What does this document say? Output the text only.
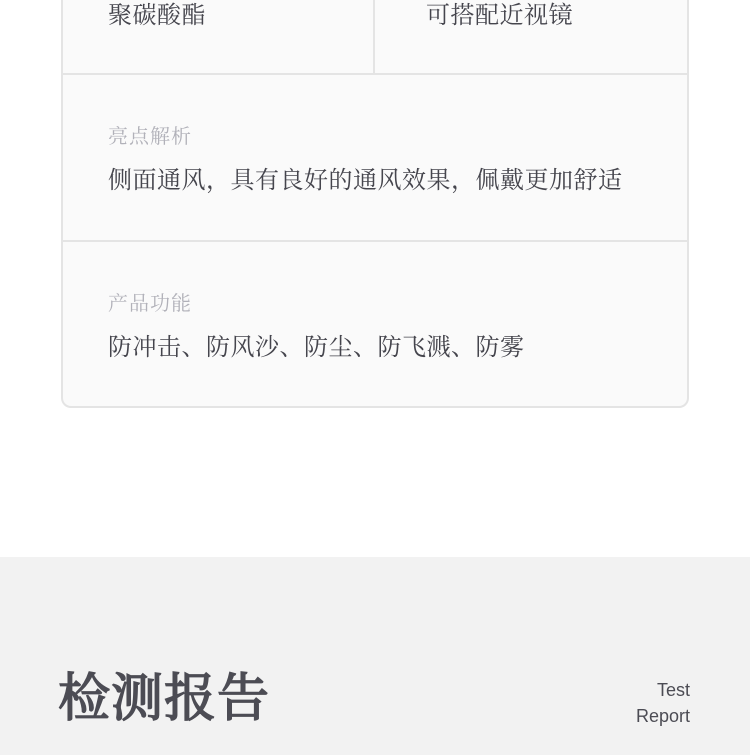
聚碳酸酯	可搭配近视镜
亮点解析
侧面通风，具有良好的通风效果，佩戴更加舒适
产品功能
防冲击、防风沙、防尘、防飞溅、防雾
检测报告	Test
Report
